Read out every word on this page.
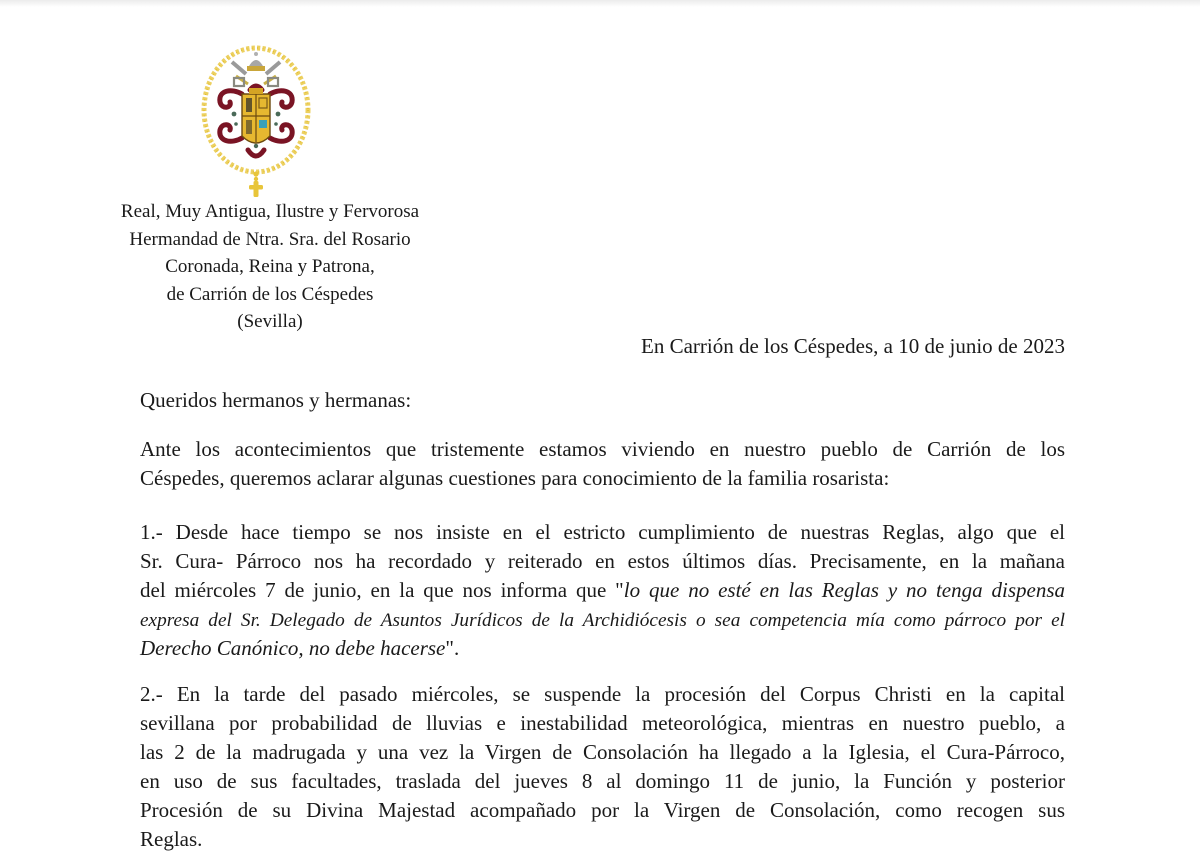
Real, Muy Antigua, Ilustre y Fervorosa
Hermandad de Ntra. Sra. del Rosario
Coronada, Reina y Patrona,
de Carrión de los Céspedes
(Sevilla)
En Carrión de los Céspedes, a 10 de junio de 2023
Queridos hermanos y hermanas:
Ante los acontecimientos que tristemente estamos viviendo en nuestro pueblo de Carrión de los
Céspedes, queremos aclarar algunas cuestiones para conocimiento de la familia rosarista:
1.- Desde hace tiempo se nos insiste en el estricto cumplimiento de nuestras Reglas, algo que el
Sr. Cura- Párroco nos ha recordado y reiterado en estos últimos días. Precisamente, en la mañana
del miércoles 7 de junio, en la que nos informa que "lo que no esté en las Reglas y no tenga dispensa
expresa del Sr. Delegado de Asuntos Jurídicos de la Archidiócesis o sea competencia mía como párroco por el
Derecho Canónico, no debe hacerse".
2.- En la tarde del pasado miércoles, se suspende la procesión del Corpus Christi en la capital
sevillana por probabilidad de lluvias e inestabilidad meteorológica, mientras en nuestro pueblo, a
las 2 de la madrugada y una vez la Virgen de Consolación ha llegado a la Iglesia, el Cura-Párroco,
en uso de sus facultades, traslada del jueves 8 al domingo 11 de junio, la Función y posterior
Procesión de su Divina Majestad acompañado por la Virgen de Consolación, como recogen sus
Reglas.
